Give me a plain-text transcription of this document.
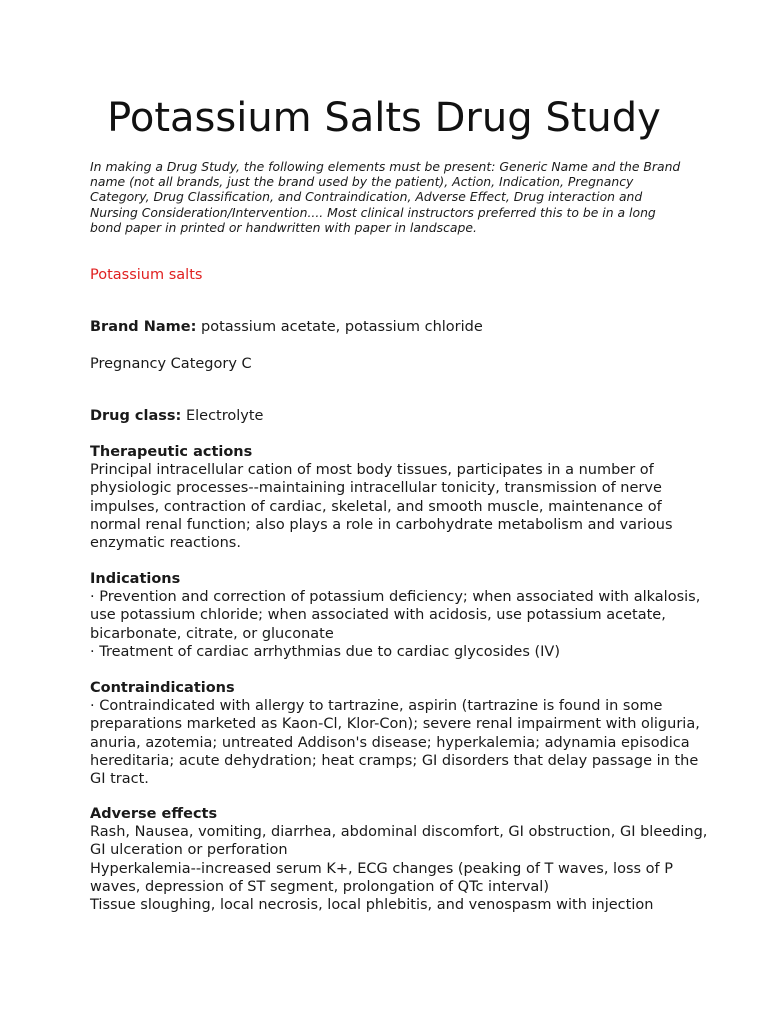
Potassium Salts Drug Study

In making a Drug Study, the following elements must be present: Generic Name and the Brand name (not all brands, just the brand used by the patient), Action, Indication, Pregnancy Category, Drug Classification, and Contraindication, Adverse Effect, Drug interaction and Nursing Consideration/Intervention.... Most clinical instructors preferred this to be in a long bond paper in printed or handwritten with paper in landscape.

Potassium salts

Brand Name: potassium acetate, potassium chloride

Pregnancy Category C

Drug class: Electrolyte

Therapeutic actions
Principal intracellular cation of most body tissues, participates in a number of physiologic processes--maintaining intracellular tonicity, transmission of nerve impulses, contraction of cardiac, skeletal, and smooth muscle, maintenance of normal renal function; also plays a role in carbohydrate metabolism and various enzymatic reactions.
Indications
· Prevention and correction of potassium deficiency; when associated with alkalosis, use potassium chloride; when associated with acidosis, use potassium acetate, bicarbonate, citrate, or gluconate
· Treatment of cardiac arrhythmias due to cardiac glycosides (IV)
Contraindications
· Contraindicated with allergy to tartrazine, aspirin (tartrazine is found in some preparations marketed as Kaon-Cl, Klor-Con); severe renal impairment with oliguria, anuria, azotemia; untreated Addison's disease; hyperkalemia; adynamia episodica hereditaria; acute dehydration; heat cramps; GI disorders that delay passage in the GI tract.
Adverse effects
Rash, Nausea, vomiting, diarrhea, abdominal discomfort, GI obstruction, GI bleeding, GI ulceration or perforation
Hyperkalemia--increased serum K+, ECG changes (peaking of T waves, loss of P waves, depression of ST segment, prolongation of QTc interval)
Tissue sloughing, local necrosis, local phlebitis, and venospasm with injection
